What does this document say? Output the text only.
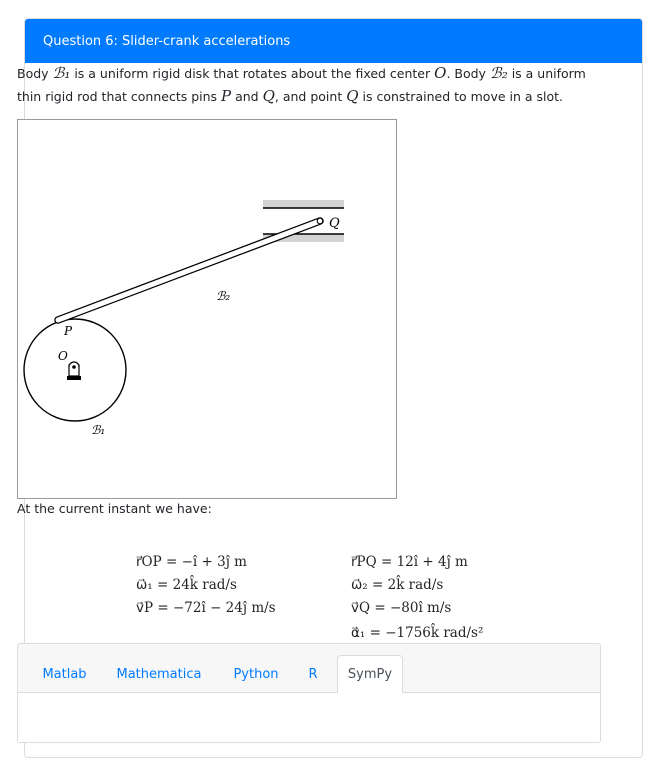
Question 6: Slider-crank accelerations
Body ℬ₁ is a uniform rigid disk that rotates about the fixed center O. Body ℬ₂ is a uniform thin rigid rod that connects pins P and Q, and point Q is constrained to move in a slot.
Q
P
O
ℬ₁
ℬ₂
At the current instant we have:
r⃗OP = −ı̂ + 3ȷ̂ m
ω⃗₁ = 24k̂ rad/s
v⃗P = −72ı̂ − 24ȷ̂ m/s
r⃗PQ = 12ı̂ + 4ȷ̂ m
ω⃗₂ = 2k̂ rad/s
v⃗Q = −80ı̂ m/s
α⃗₁ = −1756k̂ rad/s²
Matlab	Mathematica	Python	R	SymPy
